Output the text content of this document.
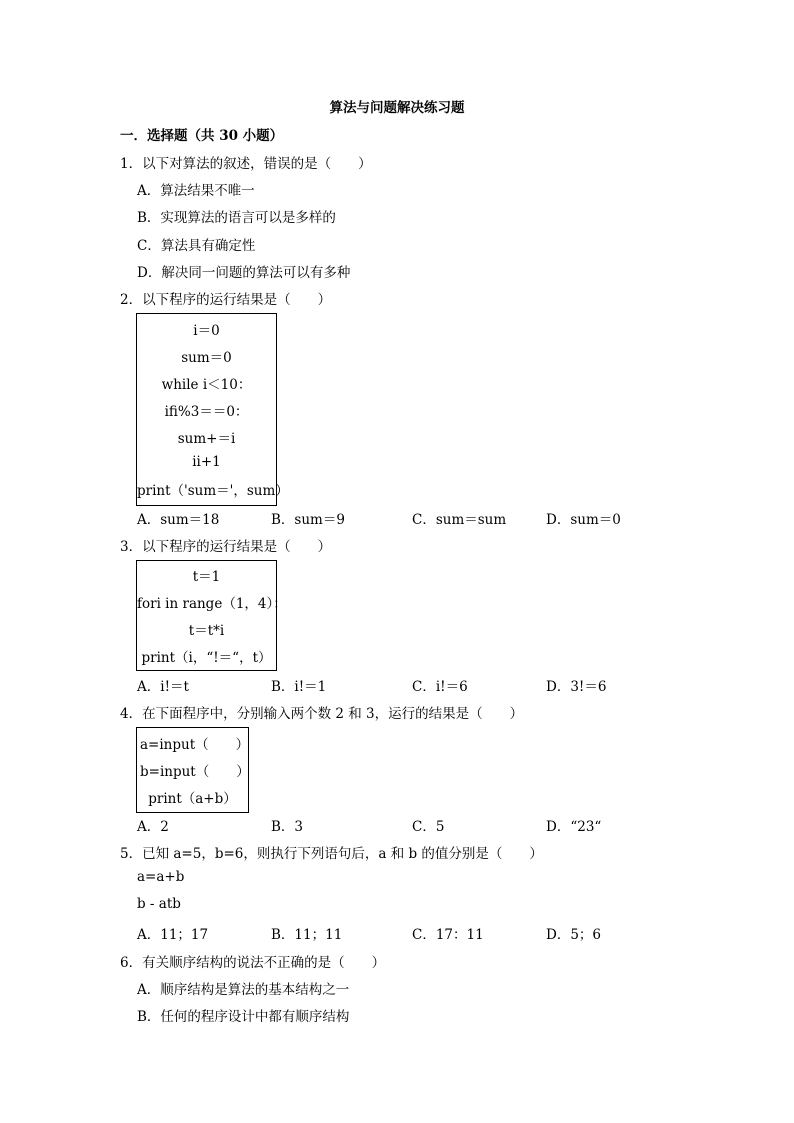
算法与问题解决练习题
一．选择题（共 30 小题）
1．以下对算法的叙述，错误的是（　　）
A．算法结果不唯一
B．实现算法的语言可以是多样的
C．算法具有确定性
D．解决同一问题的算法可以有多种
2．以下程序的运行结果是（　　）
i＝0
sum＝0
while i＜10：
ifi%3＝＝0：
sum+＝i
ii+1
print（'sum＝'，sum）
A．sum＝18	B．sum＝9	C．sum＝sum	D．sum＝0
3．以下程序的运行结果是（　　）
t＝1
fori in range（1，4）：
t＝t*i
print（i，“!＝“，t）
A．i!＝t	B．i!＝1	C．i!＝6	D．3!＝6
4．在下面程序中，分别输入两个数 2 和 3，运行的结果是（　　）
a=input（　　）
b=input（　　）
print（a+b）
A．2	B．3	C．5	D．“23“
5．已知 a=5，b=6，则执行下列语句后，a 和 b 的值分别是（　　）
a=a+b
b - atb
A．11；17	B．11；11	C．17：11	D．5；6
6．有关顺序结构的说法不正确的是（　　）
A．顺序结构是算法的基本结构之一
B．任何的程序设计中都有顺序结构
